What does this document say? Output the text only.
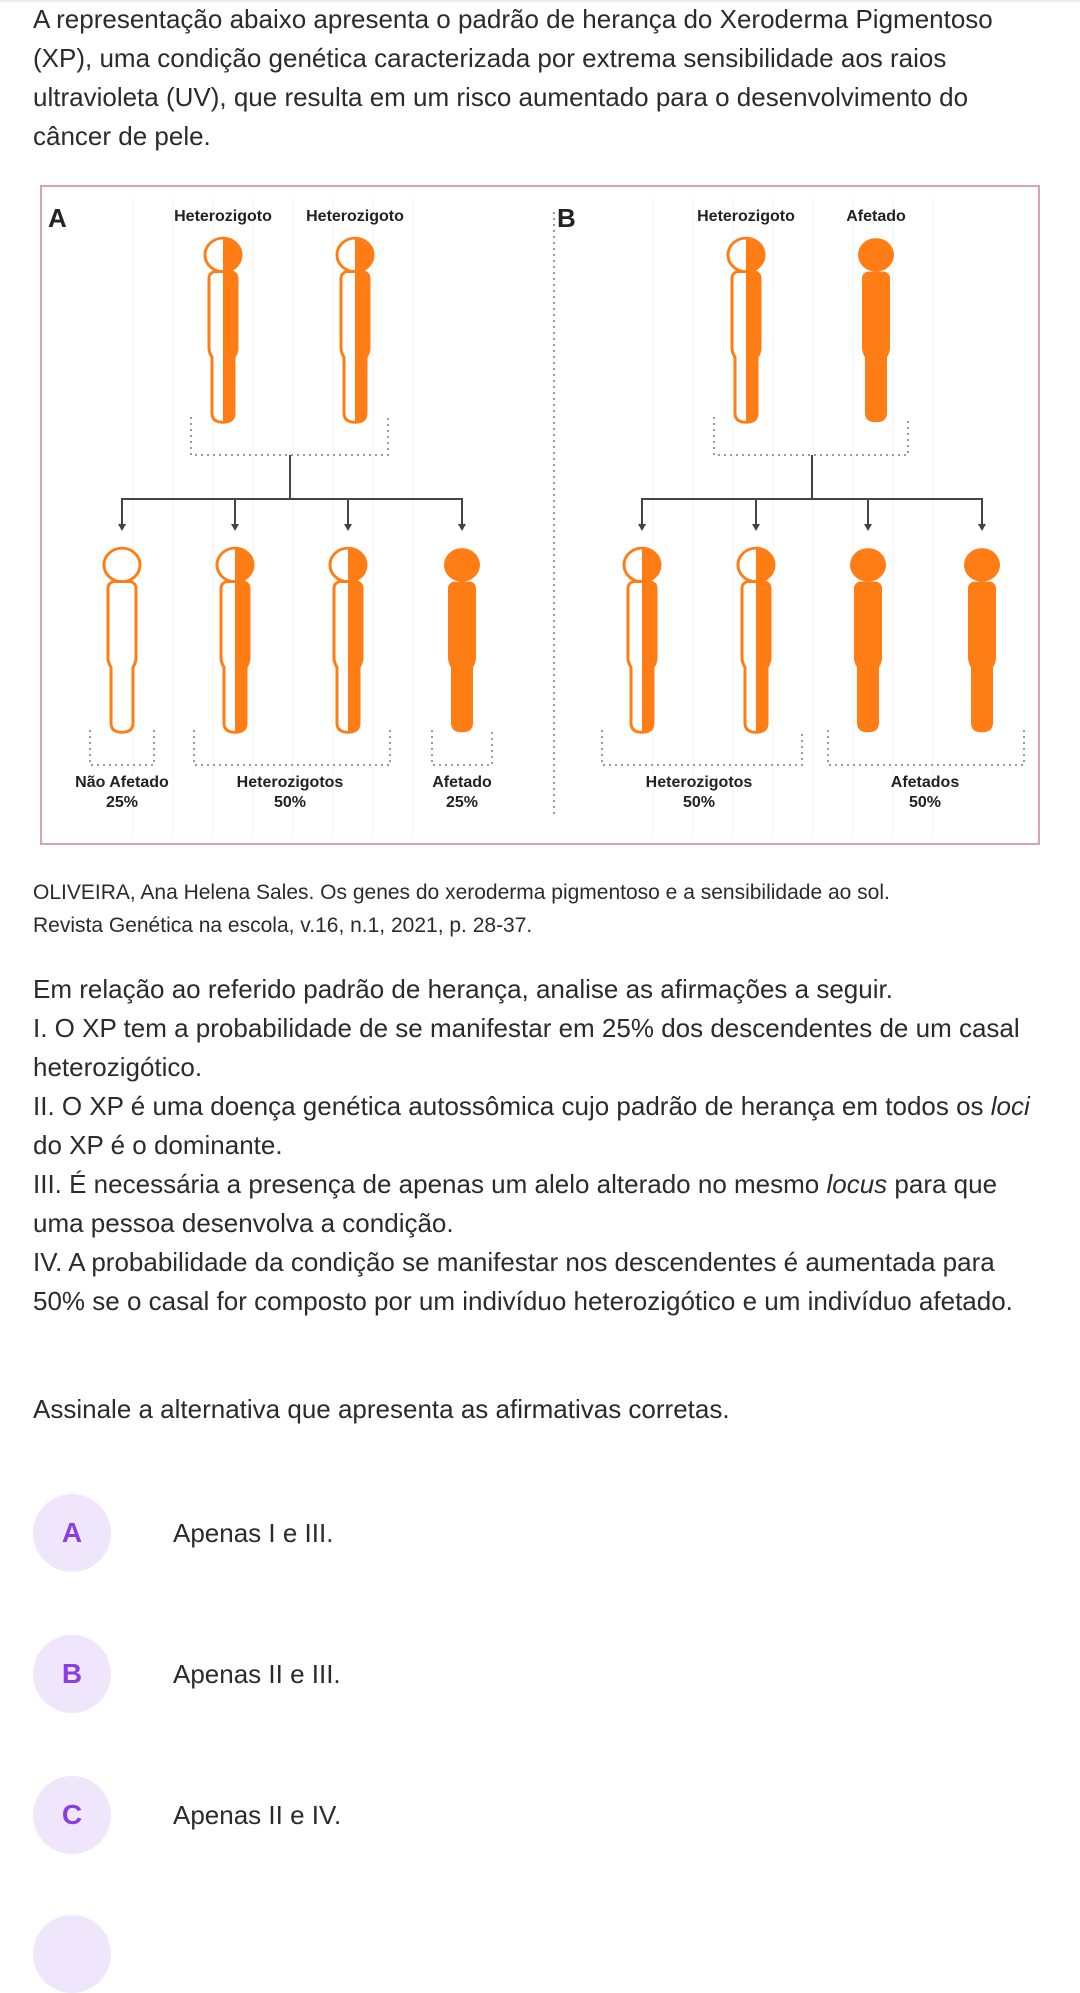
A representação abaixo apresenta o padrão de herança do Xeroderma Pigmentoso (XP), uma condição genética caracterizada por extrema sensibilidade aos raios ultravioleta (UV), que resulta em um risco aumentado para o desenvolvimento do câncer de pele.

A	Heterozigoto Heterozigoto
Não Afetado
25%
Heterozigotos
50%
Afetado
25%
B	Heterozigoto	Afetado
Heterozigotos
50%
Afetados
50%

OLIVEIRA, Ana Helena Sales. Os genes do xeroderma pigmentoso e a sensibilidade ao sol.
Revista Genética na escola, v.16, n.1, 2021, p. 28-37.

Em relação ao referido padrão de herança, analise as afirmações a seguir.
I. O XP tem a probabilidade de se manifestar em 25% dos descendentes de um casal heterozigótico.
II. O XP é uma doença genética autossômica cujo padrão de herança em todos os loci do XP é o dominante.
III. É necessária a presença de apenas um alelo alterado no mesmo locus para que uma pessoa desenvolva a condição.
IV. A probabilidade da condição se manifestar nos descendentes é aumentada para 50% se o casal for composto por um indivíduo heterozigótico e um indivíduo afetado.

Assinale a alternativa que apresenta as afirmativas corretas.

A	Apenas I e III.
B	Apenas II e III.
C	Apenas II e IV.
